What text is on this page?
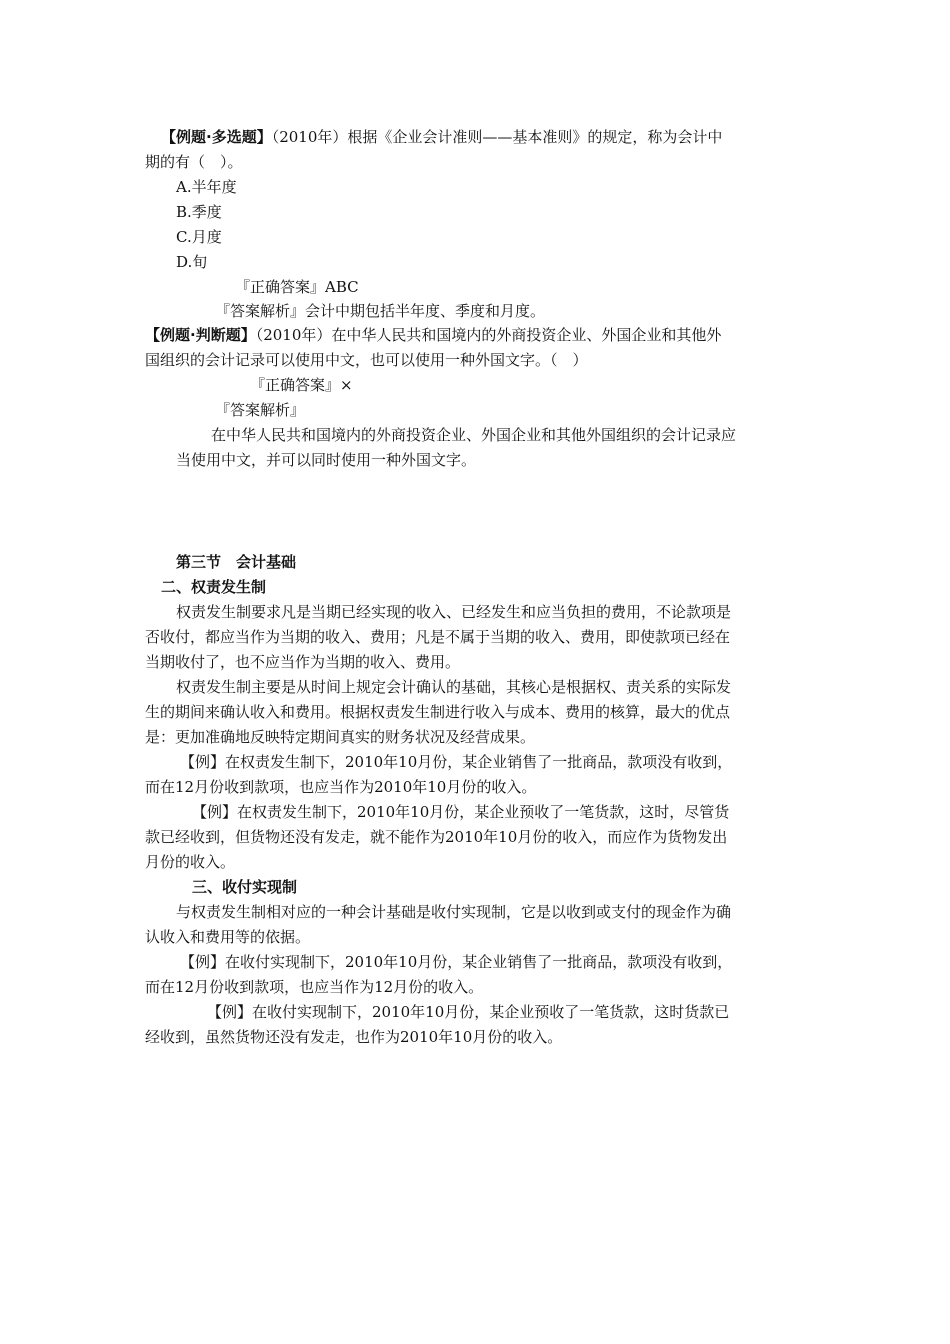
【例题·多选题】（2010年）根据《企业会计准则——基本准则》的规定，称为会计中
期的有（　）。
A.半年度
B.季度
C.月度
D.旬
『正确答案』ABC
『答案解析』会计中期包括半年度、季度和月度。
【例题·判断题】（2010年）在中华人民共和国境内的外商投资企业、外国企业和其他外
国组织的会计记录可以使用中文，也可以使用一种外国文字。（　）
『正确答案』×
『答案解析』
在中华人民共和国境内的外商投资企业、外国企业和其他外国组织的会计记录应
当使用中文，并可以同时使用一种外国文字。
第三节　会计基础
二、权责发生制
权责发生制要求凡是当期已经实现的收入、已经发生和应当负担的费用，不论款项是
否收付，都应当作为当期的收入、费用；凡是不属于当期的收入、费用，即使款项已经在
当期收付了，也不应当作为当期的收入、费用。
权责发生制主要是从时间上规定会计确认的基础，其核心是根据权、责关系的实际发
生的期间来确认收入和费用。根据权责发生制进行收入与成本、费用的核算，最大的优点
是：更加准确地反映特定期间真实的财务状况及经营成果。
【例】在权责发生制下，2010年10月份，某企业销售了一批商品，款项没有收到，
而在12月份收到款项，也应当作为2010年10月份的收入。
【例】在权责发生制下，2010年10月份，某企业预收了一笔货款，这时，尽管货
款已经收到，但货物还没有发走，就不能作为2010年10月份的收入，而应作为货物发出
月份的收入。
三、收付实现制
与权责发生制相对应的一种会计基础是收付实现制，它是以收到或支付的现金作为确
认收入和费用等的依据。
【例】在收付实现制下，2010年10月份，某企业销售了一批商品，款项没有收到，
而在12月份收到款项，也应当作为12月份的收入。
【例】在收付实现制下，2010年10月份，某企业预收了一笔货款，这时货款已
经收到，虽然货物还没有发走，也作为2010年10月份的收入。
